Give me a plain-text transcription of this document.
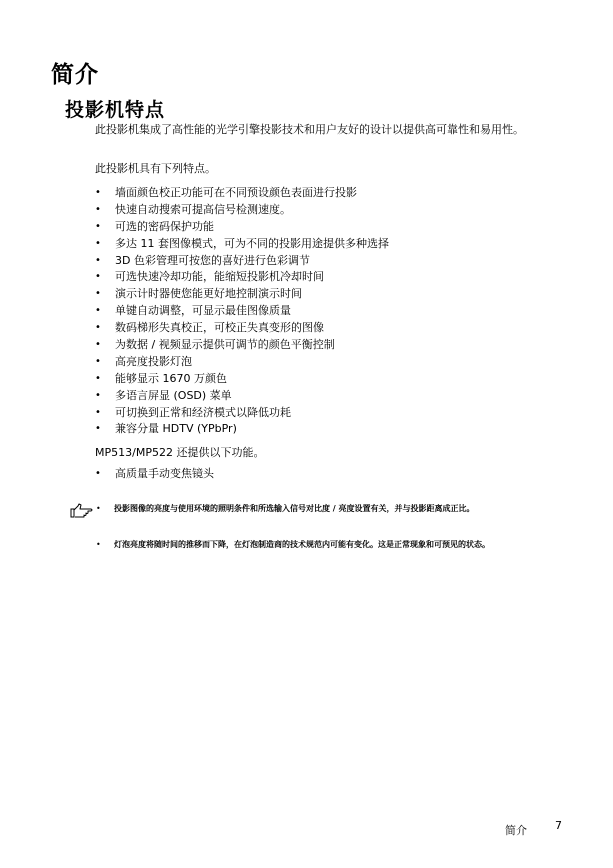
简介
投影机特点

此投影机集成了高性能的光学引擎投影技术和用户友好的设计以提供高可靠性和易用性。

此投影机具有下列特点。

• 墙面颜色校正功能可在不同预设颜色表面进行投影
• 快速自动搜索可提高信号检测速度。
• 可选的密码保护功能
• 多达 11 套图像模式，可为不同的投影用途提供多种选择
• 3D 色彩管理可按您的喜好进行色彩调节
• 可选快速冷却功能，能缩短投影机冷却时间
• 演示计时器使您能更好地控制演示时间
• 单键自动调整，可显示最佳图像质量
• 数码梯形失真校正，可校正失真变形的图像
• 为数据 / 视频显示提供可调节的颜色平衡控制
• 高亮度投影灯泡
• 能够显示 1670 万颜色
• 多语言屏显 (OSD) 菜单
• 可切换到正常和经济模式以降低功耗
• 兼容分量 HDTV (YPbPr)

MP513/MP522 还提供以下功能。

• 高质量手动变焦镜头
• 投影图像的亮度与使用环境的照明条件和所选输入信号对比度 / 亮度设置有关，并与投影距离成正比。
• 灯泡亮度将随时间的推移而下降，在灯泡制造商的技术规范内可能有变化。这是正常现象和可预见的状态。
简介	7
